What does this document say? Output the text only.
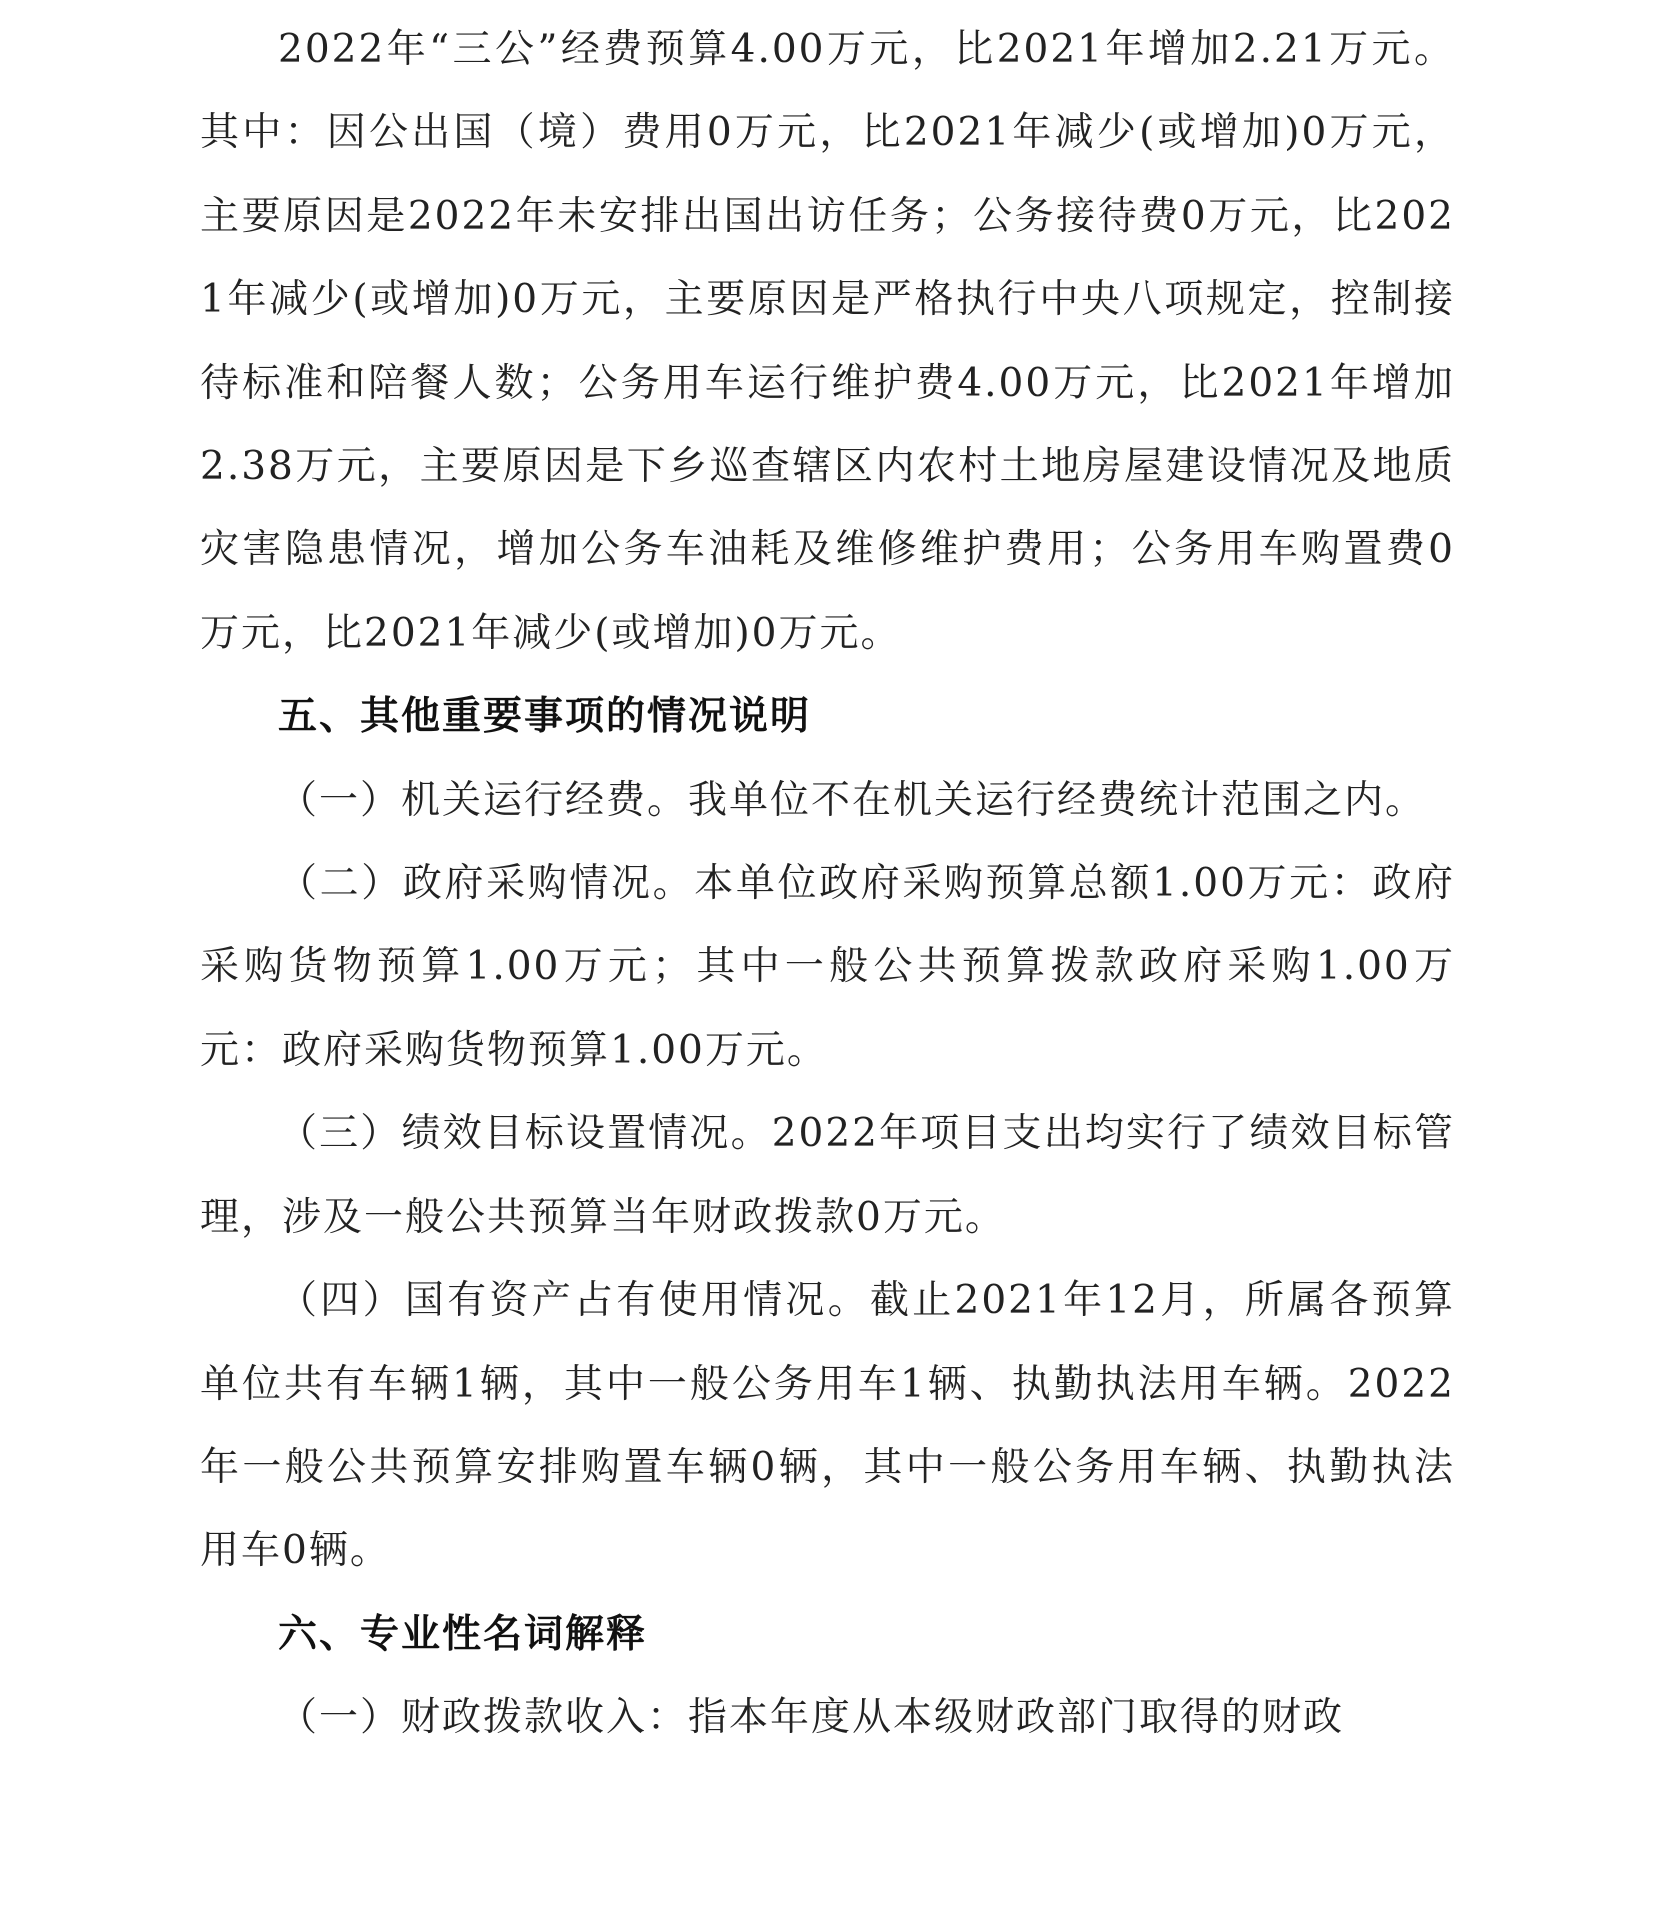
2022年“三公”经费预算4.00万元，比2021年增加2.21万元。其中：因公出国（境）费用0万元，比2021年减少(或增加)0万元，主要原因是2022年未安排出国出访任务；公务接待费0万元，比2021年减少(或增加)0万元，主要原因是严格执行中央八项规定，控制接待标准和陪餐人数；公务用车运行维护费4.00万元，比2021年增加2.38万元，主要原因是下乡巡查辖区内农村土地房屋建设情况及地质灾害隐患情况，增加公务车油耗及维修维护费用；公务用车购置费0万元，比2021年减少(或增加)0万元。

五、其他重要事项的情况说明

（一）机关运行经费。我单位不在机关运行经费统计范围之内。

（二）政府采购情况。本单位政府采购预算总额1.00万元：政府采购货物预算1.00万元；其中一般公共预算拨款政府采购1.00万元：政府采购货物预算1.00万元。

（三）绩效目标设置情况。2022年项目支出均实行了绩效目标管理，涉及一般公共预算当年财政拨款0万元。

（四）国有资产占有使用情况。截止2021年12月，所属各预算单位共有车辆1辆，其中一般公务用车1辆、执勤执法用车辆。2022年一般公共预算安排购置车辆0辆，其中一般公务用车辆、执勤执法用车0辆。

六、专业性名词解释

（一）财政拨款收入：指本年度从本级财政部门取得的财政
